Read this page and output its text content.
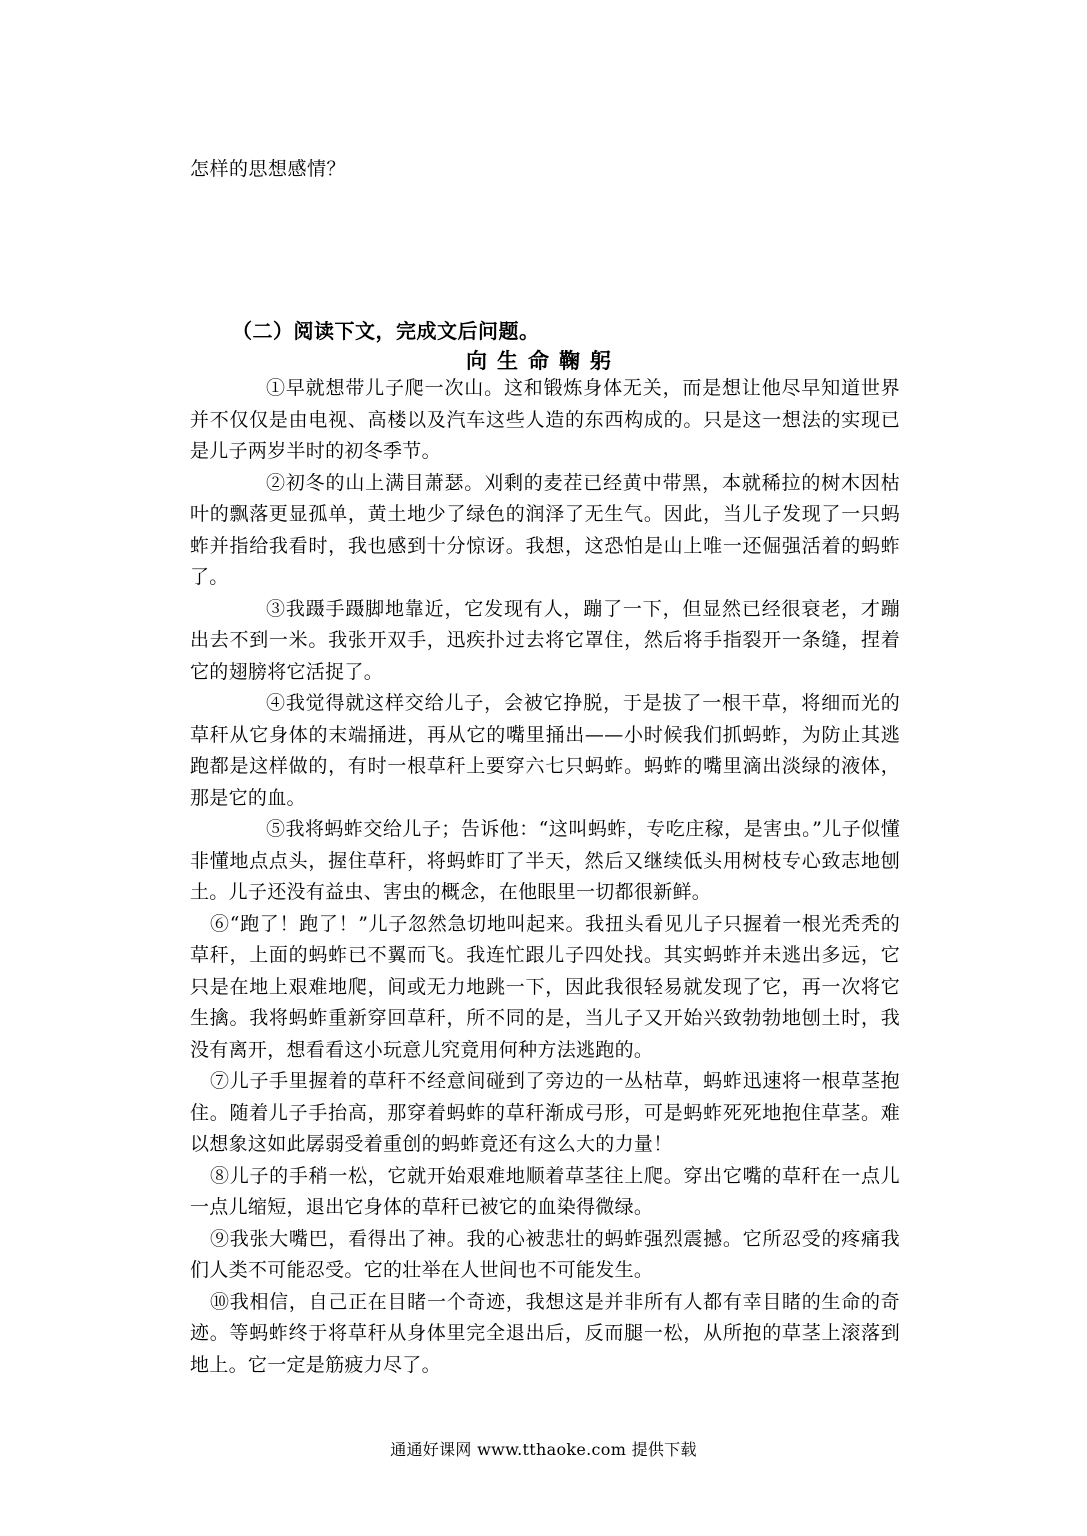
怎样的思想感情？
（二）阅读下文，完成文后问题。
向生命鞠躬

①早就想带儿子爬一次山。这和锻炼身体无关，而是想让他尽早知道世界并不仅仅是由电视、高楼以及汽车这些人造的东西构成的。只是这一想法的实现已是儿子两岁半时的初冬季节。

②初冬的山上满目萧瑟。刈剩的麦茬已经黄中带黑，本就稀拉的树木因枯叶的飘落更显孤单，黄土地少了绿色的润泽了无生气。因此，当儿子发现了一只蚂蚱并指给我看时，我也感到十分惊讶。我想，这恐怕是山上唯一还倔强活着的蚂蚱了。

③我蹑手蹑脚地靠近，它发现有人，蹦了一下，但显然已经很衰老，才蹦出去不到一米。我张开双手，迅疾扑过去将它罩住，然后将手指裂开一条缝，捏着它的翅膀将它活捉了。

④我觉得就这样交给儿子，会被它挣脱，于是拔了一根干草，将细而光的草秆从它身体的末端捅进，再从它的嘴里捅出——小时候我们抓蚂蚱，为防止其逃跑都是这样做的，有时一根草秆上要穿六七只蚂蚱。蚂蚱的嘴里滴出淡绿的液体，那是它的血。

⑤我将蚂蚱交给儿子；告诉他：“这叫蚂蚱，专吃庄稼，是害虫。”儿子似懂非懂地点点头，握住草秆，将蚂蚱盯了半天，然后又继续低头用树枝专心致志地刨土。儿子还没有益虫、害虫的概念，在他眼里一切都很新鲜。

⑥“跑了！跑了！”儿子忽然急切地叫起来。我扭头看见儿子只握着一根光秃秃的草秆，上面的蚂蚱已不翼而飞。我连忙跟儿子四处找。其实蚂蚱并未逃出多远，它只是在地上艰难地爬，间或无力地跳一下，因此我很轻易就发现了它，再一次将它生擒。我将蚂蚱重新穿回草秆，所不同的是，当儿子又开始兴致勃勃地刨土时，我没有离开，想看看这小玩意儿究竟用何种方法逃跑的。

⑦儿子手里握着的草秆不经意间碰到了旁边的一丛枯草，蚂蚱迅速将一根草茎抱住。随着儿子手抬高，那穿着蚂蚱的草秆渐成弓形，可是蚂蚱死死地抱住草茎。难以想象这如此孱弱受着重创的蚂蚱竟还有这么大的力量！

⑧儿子的手稍一松，它就开始艰难地顺着草茎往上爬。穿出它嘴的草秆在一点儿一点儿缩短，退出它身体的草秆已被它的血染得微绿。

⑨我张大嘴巴，看得出了神。我的心被悲壮的蚂蚱强烈震撼。它所忍受的疼痛我们人类不可能忍受。它的壮举在人世间也不可能发生。

⑩我相信，自己正在目睹一个奇迹，我想这是并非所有人都有幸目睹的生命的奇迹。等蚂蚱终于将草秆从身体里完全退出后，反而腿一松，从所抱的草茎上滚落到地上。它一定是筋疲力尽了。

通通好课网 www.tthaoke.com 提供下载
